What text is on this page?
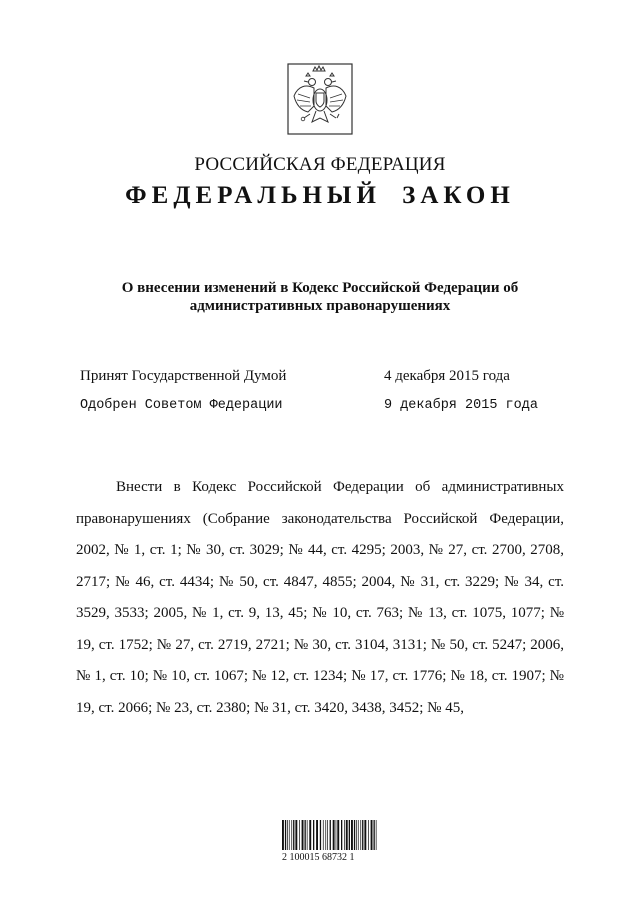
РОССИЙСКАЯ ФЕДЕРАЦИЯ
ФЕДЕРАЛЬНЫЙ ЗАКОН
О внесении изменений в Кодекс Российской Федерации об административных правонарушениях
Принят Государственной Думой	4 декабря 2015 года
Одобрен Советом Федерации	9 декабря 2015 года

Внести в Кодекс Российской Федерации об административных правонарушениях (Собрание законодательства Российской Федерации, 2002, № 1, ст. 1; № 30, ст. 3029; № 44, ст. 4295; 2003, № 27, ст. 2700, 2708, 2717; № 46, ст. 4434; № 50, ст. 4847, 4855; 2004, № 31, ст. 3229; № 34, ст. 3529, 3533; 2005, № 1, ст. 9, 13, 45; № 10, ст. 763; № 13, ст. 1075, 1077; № 19, ст. 1752; № 27, ст. 2719, 2721; № 30, ст. 3104, 3131; № 50, ст. 5247; 2006, № 1, ст. 10; № 10, ст. 1067; № 12, ст. 1234; № 17, ст. 1776; № 18, ст. 1907; № 19, ст. 2066; № 23, ст. 2380; № 31, ст. 3420, 3438, 3452; № 45,

2 100015 68732 1
